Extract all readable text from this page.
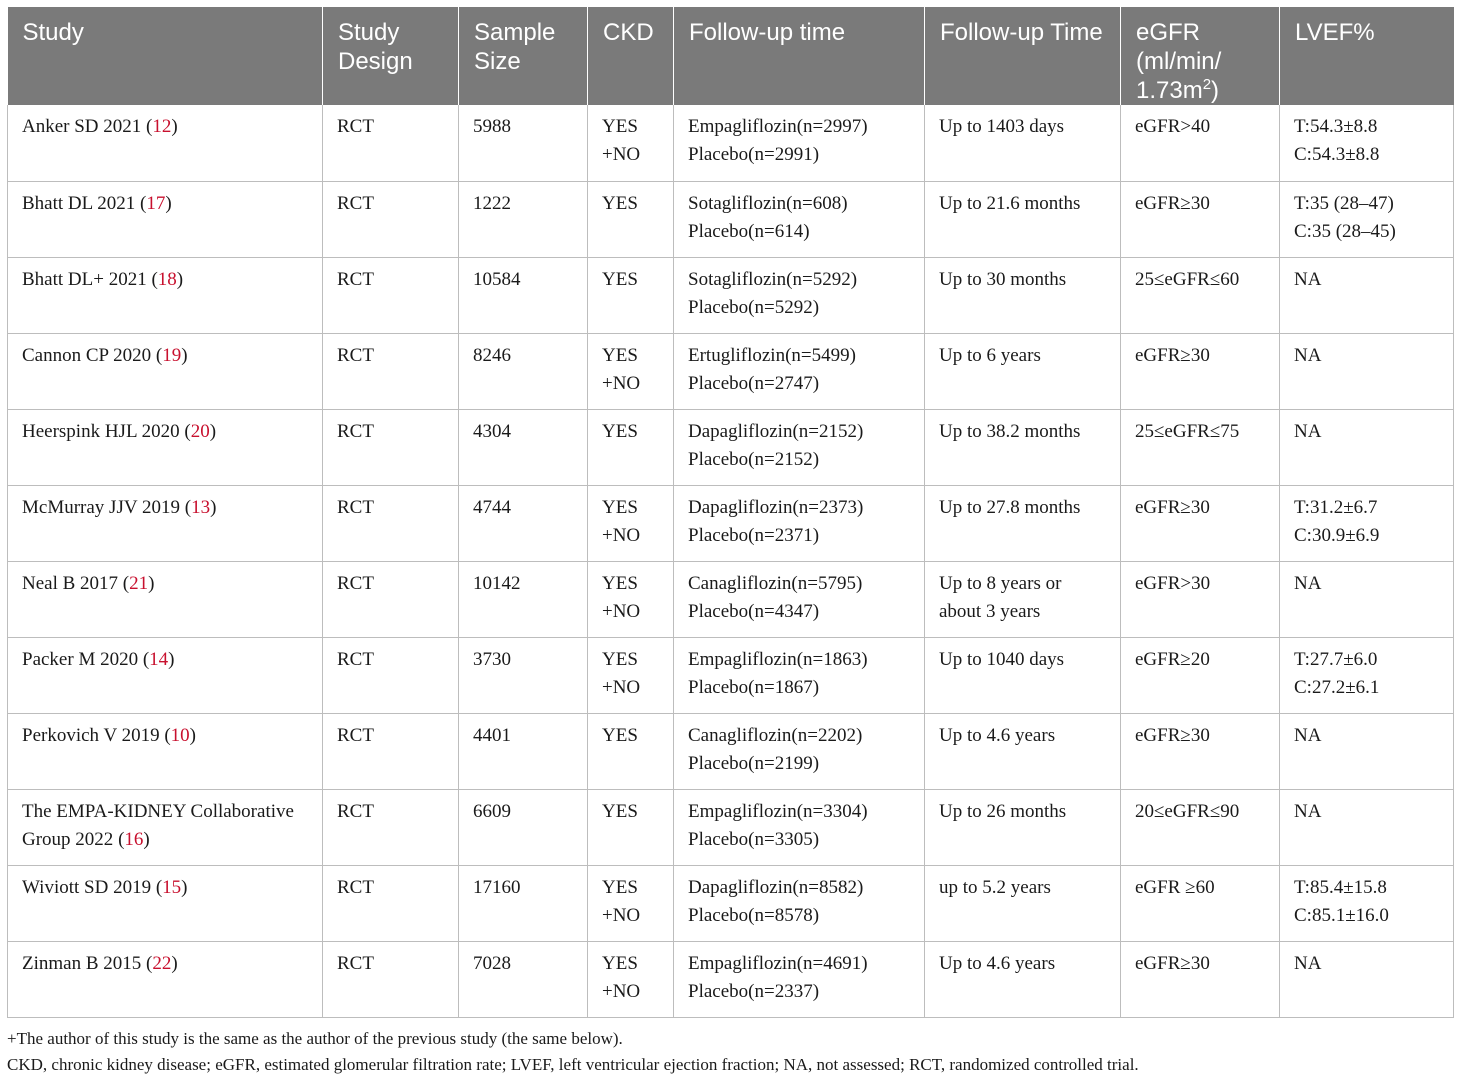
Study	Study Design	Sample Size	CKD	Follow-up time	Follow-up Time	eGFR (ml/min/ $1.73m^2$)	LVEF%
Anker SD 2021 (12)	RCT	5988	YES
+NO	Empagliflozin(n=2997)
Placebo(n=2991)	Up to 1403 days	eGFR>40	T:54.3±8.8
C:54.3±8.8

Bhatt DL 2021 (17)	RCT	1222	YES	Sotagliflozin(n=608)
Placebo(n=614)	Up to 21.6 months	eGFR≥30	T:35 (28–47)
C:35 (28–45)

Bhatt DL+ 2021 (18)	RCT	10584	YES	Sotagliflozin(n=5292)
Placebo(n=5292)	Up to 30 months	25≤eGFR≤60	NA

Cannon CP 2020 (19)	RCT	8246	YES
+NO	Ertugliflozin(n=5499)
Placebo(n=2747)	Up to 6 years	eGFR≥30	NA

Heerspink HJL 2020 (20)	RCT	4304	YES	Dapagliflozin(n=2152)
Placebo(n=2152)	Up to 38.2 months	25≤eGFR≤75	NA

McMurray JJV 2019 (13)	RCT	4744	YES
+NO	Dapagliflozin(n=2373)
Placebo(n=2371)	Up to 27.8 months	eGFR≥30	T:31.2±6.7
C:30.9±6.9

Neal B 2017 (21)	RCT	10142	YES
+NO	Canagliflozin(n=5795)
Placebo(n=4347)	Up to 8 years or
about 3 years	eGFR>30	NA

Packer M 2020 (14)	RCT	3730	YES
+NO	Empagliflozin(n=1863)
Placebo(n=1867)	Up to 1040 days	eGFR≥20	T:27.7±6.0
C:27.2±6.1

Perkovich V 2019 (10)	RCT	4401	YES	Canagliflozin(n=2202)
Placebo(n=2199)	Up to 4.6 years	eGFR≥30	NA

The EMPA-KIDNEY Collaborative Group 2022 (16)	RCT	6609	YES	Empagliflozin(n=3304)
Placebo(n=3305)	Up to 26 months	20≤eGFR≤90	NA

Wiviott SD 2019 (15)	RCT	17160	YES
+NO	Dapagliflozin(n=8582)
Placebo(n=8578)	up to 5.2 years	eGFR ≥60	T:85.4±15.8
C:85.1±16.0

Zinman B 2015 (22)	RCT	7028	YES
+NO	Empagliflozin(n=4691)
Placebo(n=2337)	Up to 4.6 years	eGFR≥30	NA
+The author of this study is the same as the author of the previous study (the same below).
CKD, chronic kidney disease; eGFR, estimated glomerular filtration rate; LVEF, left ventricular ejection fraction; NA, not assessed; RCT, randomized controlled trial.
